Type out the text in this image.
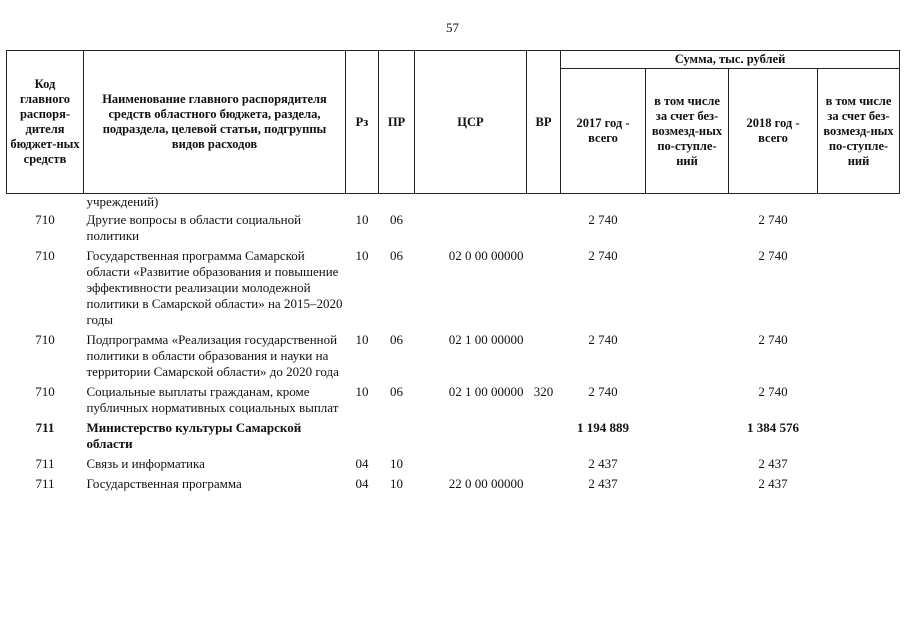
57
Код главного распоря-дителя бюджет-ных средств	Наименование главного распорядителя средств областного бюджета, раздела, подраздела, целевой статьи, подгруппы видов расходов	Рз	ПР	ЦСР	ВР	Сумма, тыс. рублей			
						2017 год - всего	в том числе за счет без-возмезд-ных по-ступле-ний	2018 год - всего	в том числе за счет без-возмезд-ных по-ступле-ний
	учреждений)								
710	Другие вопросы в области социальной политики	10	06			2 740		2 740	
710	Государственная программа Самарской области «Развитие образования и повышение эффективности реализации молодежной политики в Самарской области» на 2015–2020 годы	10	06	02 0 00 00000		2 740		2 740	
710	Подпрограмма «Реализация государственной политики в области образования и науки на территории Самарской области» до 2020 года	10	06	02 1 00 00000		2 740		2 740	
710	Социальные выплаты гражданам, кроме публичных нормативных социальных выплат	10	06	02 1 00 00000	320	2 740		2 740	
711	Министерство культуры Самарской области					1 194 889		1 384 576	
711	Связь и информатика	04	10			2 437		2 437	
711	Государственная программа	04	10	22 0 00 00000		2 437		2 437	
